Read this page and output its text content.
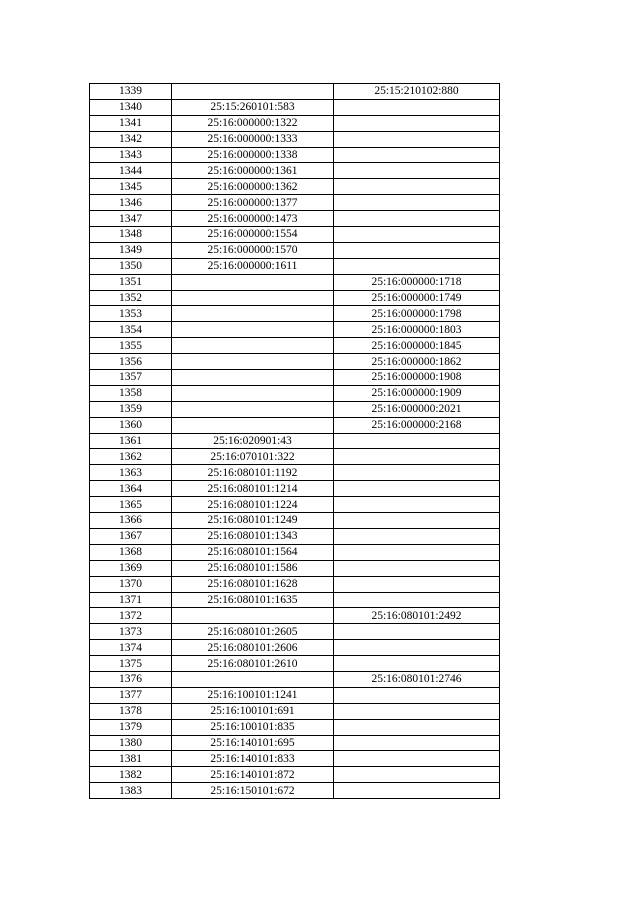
1339		25:15:210102:880
1340	25:15:260101:583	
1341	25:16:000000:1322	
1342	25:16:000000:1333	
1343	25:16:000000:1338	
1344	25:16:000000:1361	
1345	25:16:000000:1362	
1346	25:16:000000:1377	
1347	25:16:000000:1473	
1348	25:16:000000:1554	
1349	25:16:000000:1570	
1350	25:16:000000:1611	
1351		25:16:000000:1718
1352		25:16:000000:1749
1353		25:16:000000:1798
1354		25:16:000000:1803
1355		25:16:000000:1845
1356		25:16:000000:1862
1357		25:16:000000:1908
1358		25:16:000000:1909
1359		25:16:000000:2021
1360		25:16:000000:2168
1361	25:16:020901:43	
1362	25:16:070101:322	
1363	25:16:080101:1192	
1364	25:16:080101:1214	
1365	25:16:080101:1224	
1366	25:16:080101:1249	
1367	25:16:080101:1343	
1368	25:16:080101:1564	
1369	25:16:080101:1586	
1370	25:16:080101:1628	
1371	25:16:080101:1635	
1372		25:16:080101:2492
1373	25:16:080101:2605	
1374	25:16:080101:2606	
1375	25:16:080101:2610	
1376		25:16:080101:2746
1377	25:16:100101:1241	
1378	25:16:100101:691	
1379	25:16:100101:835	
1380	25:16:140101:695	
1381	25:16:140101:833	
1382	25:16:140101:872	
1383	25:16:150101:672	
